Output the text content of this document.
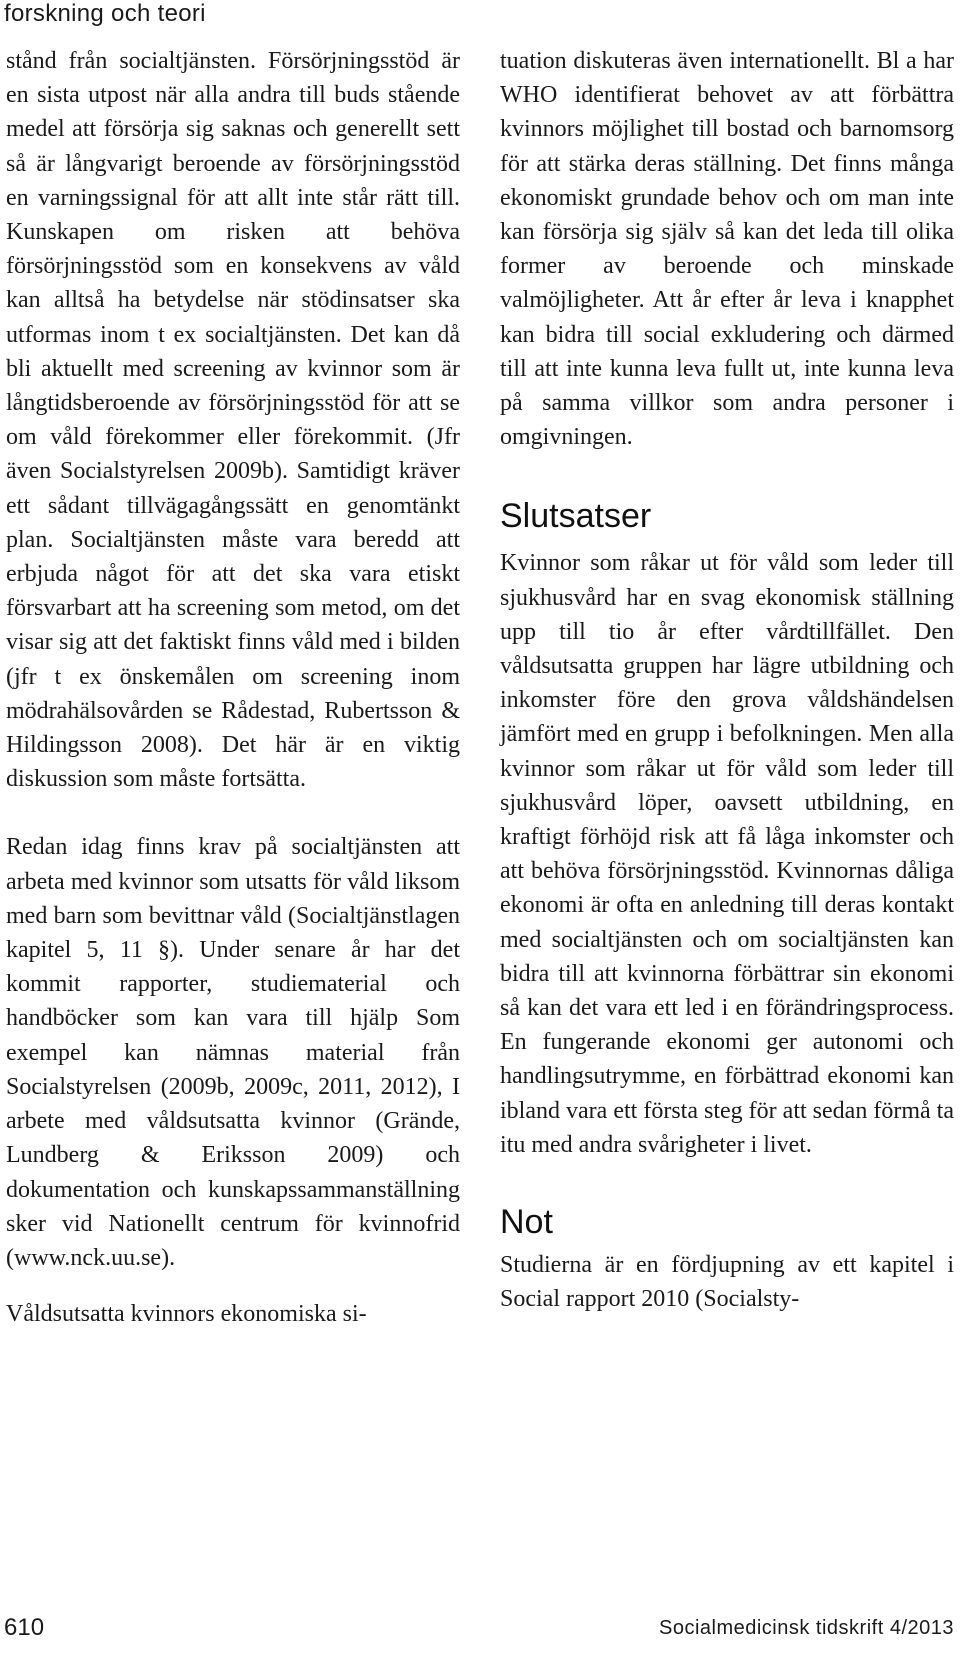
forskning och teori

stånd från socialtjänsten. Försörjningsstöd är en sista utpost när alla andra till buds stående medel att försörja sig saknas och generellt sett så är långvarigt beroende av försörjningsstöd en varningssignal för att allt inte står rätt till. Kunskapen om risken att behöva försörjningsstöd som en konsekvens av våld kan alltså ha betydelse när stödinsatser ska utformas inom t ex socialtjänsten. Det kan då bli aktuellt med screening av kvinnor som är långtidsberoende av försörjningsstöd för att se om våld förekommer eller förekommit. (Jfr även Socialstyrelsen 2009b). Samtidigt kräver ett sådant tillvägagångssätt en genomtänkt plan. Socialtjänsten måste vara beredd att erbjuda något för att det ska vara etiskt försvarbart att ha screening som metod, om det visar sig att det faktiskt finns våld med i bilden (jfr t ex önskemålen om screening inom mödrahälsovården se Rådestad, Rubertsson & Hildingsson 2008). Det här är en viktig diskussion som måste fortsätta.

Redan idag finns krav på socialtjänsten att arbeta med kvinnor som utsatts för våld liksom med barn som bevittnar våld (Socialtjänstlagen kapitel 5, 11 §). Under senare år har det kommit rapporter, studiematerial och handböcker som kan vara till hjälp Som exempel kan nämnas material från Socialstyrelsen (2009b, 2009c, 2011, 2012), I arbete med våldsutsatta kvinnor (Grände, Lundberg & Eriksson 2009) och dokumentation och kunskapssammanställning sker vid Nationellt centrum för kvinnofrid (www.nck.uu.se).

Våldsutsatta kvinnors ekonomiska si-

tuation diskuteras även internationellt. Bl a har WHO identifierat behovet av att förbättra kvinnors möjlighet till bostad och barnomsorg för att stärka deras ställning. Det finns många ekonomiskt grundade behov och om man inte kan försörja sig själv så kan det leda till olika former av beroende och minskade valmöjligheter. Att år efter år leva i knapphet kan bidra till social exkludering och därmed till att inte kunna leva fullt ut, inte kunna leva på samma villkor som andra personer i omgivningen.

Slutsatser

Kvinnor som råkar ut för våld som leder till sjukhusvård har en svag ekonomisk ställning upp till tio år efter vårdtillfället. Den våldsutsatta gruppen har lägre utbildning och inkomster före den grova våldshändelsen jämfört med en grupp i befolkningen. Men alla kvinnor som råkar ut för våld som leder till sjukhusvård löper, oavsett utbildning, en kraftigt förhöjd risk att få låga inkomster och att behöva försörjningsstöd. Kvinnornas dåliga ekonomi är ofta en anledning till deras kontakt med socialtjänsten och om socialtjänsten kan bidra till att kvinnorna förbättrar sin ekonomi så kan det vara ett led i en förändringsprocess. En fungerande ekonomi ger autonomi och handlingsutrymme, en förbättrad ekonomi kan ibland vara ett första steg för att sedan förmå ta itu med andra svårigheter i livet.

Not

Studierna är en fördjupning av ett kapitel i Social rapport 2010 (Socialsty-

610	Socialmedicinsk tidskrift 4/2013
